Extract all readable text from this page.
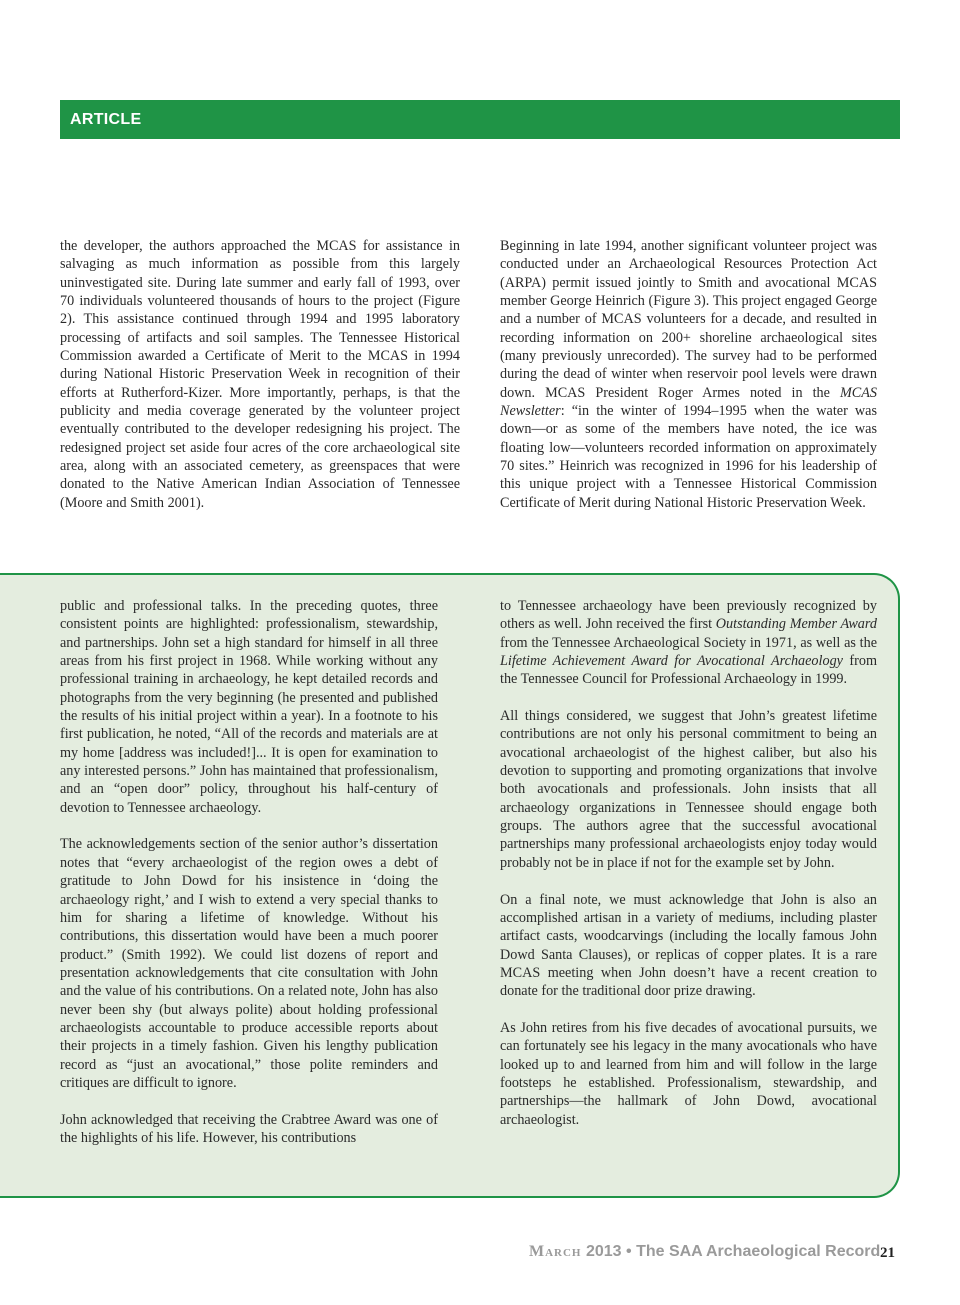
ARTICLE

the developer, the authors approached the MCAS for assistance in salvaging as much information as possible from this largely uninvestigated site. During late summer and early fall of 1993, over 70 individuals volunteered thousands of hours to the project (Figure 2). This assistance continued through 1994 and 1995 laboratory processing of artifacts and soil samples. The Tennessee Historical Commission awarded a Certificate of Merit to the MCAS in 1994 during National Historic Preservation Week in recognition of their efforts at Rutherford-Kizer. More importantly, perhaps, is that the publicity and media coverage generated by the volunteer project eventually contributed to the developer redesigning his project. The redesigned project set aside four acres of the core archaeological site area, along with an associated cemetery, as greenspaces that were donated to the Native American Indian Association of Tennessee (Moore and Smith 2001).

Beginning in late 1994, another significant volunteer project was conducted under an Archaeological Resources Protection Act (ARPA) permit issued jointly to Smith and avocational MCAS member George Heinrich (Figure 3). This project engaged George and a number of MCAS volunteers for a decade, and resulted in recording information on 200+ shoreline archaeological sites (many previously unrecorded). The survey had to be performed during the dead of winter when reservoir pool levels were drawn down. MCAS President Roger Armes noted in the MCAS Newsletter: “in the winter of 1994–1995 when the water was down—or as some of the members have noted, the ice was floating low—volunteers recorded information on approximately 70 sites.” Heinrich was recognized in 1996 for his leadership of this unique project with a Tennessee Historical Commission Certificate of Merit during National Historic Preservation Week.

public and professional talks. In the preceding quotes, three consistent points are highlighted: professionalism, stewardship, and partnerships. John set a high standard for himself in all three areas from his first project in 1968. While working without any professional training in archaeology, he kept detailed records and photographs from the very beginning (he presented and published the results of his initial project within a year). In a footnote to his first publication, he noted, “All of the records and materials are at my home [address was included!]... It is open for examination to any interested persons.” John has maintained that professionalism, and an “open door” policy, throughout his half-century of devotion to Tennessee archaeology.

The acknowledgements section of the senior author’s dissertation notes that “every archaeologist of the region owes a debt of gratitude to John Dowd for his insistence in ‘doing the archaeology right,’ and I wish to extend a very special thanks to him for sharing a lifetime of knowledge. Without his contributions, this dissertation would have been a much poorer product.” (Smith 1992). We could list dozens of report and presentation acknowledgements that cite consultation with John and the value of his contributions. On a related note, John has also never been shy (but always polite) about holding professional archaeologists accountable to produce accessible reports about their projects in a timely fashion. Given his lengthy publication record as “just an avocational,” those polite reminders and critiques are difficult to ignore.

John acknowledged that receiving the Crabtree Award was one of the highlights of his life. However, his contributions

to Tennessee archaeology have been previously recognized by others as well. John received the first Outstanding Member Award from the Tennessee Archaeological Society in 1971, as well as the Lifetime Achievement Award for Avocational Archaeology from the Tennessee Council for Professional Archaeology in 1999.

All things considered, we suggest that John’s greatest lifetime contributions are not only his personal commitment to being an avocational archaeologist of the highest caliber, but also his devotion to supporting and promoting organizations that involve both avocationals and professionals. John insists that all archaeology organizations in Tennessee should engage both groups. The authors agree that the successful avocational partnerships many professional archaeologists enjoy today would probably not be in place if not for the example set by John.

On a final note, we must acknowledge that John is also an accomplished artisan in a variety of mediums, including plaster artifact casts, woodcarvings (including the locally famous John Dowd Santa Clauses), or replicas of copper plates. It is a rare MCAS meeting when John doesn’t have a recent creation to donate for the traditional door prize drawing.

As John retires from his five decades of avocational pursuits, we can fortunately see his legacy in the many avocationals who have looked up to and learned from him and will follow in the large footsteps he established. Professionalism, stewardship, and partnerships—the hallmark of John Dowd, avocational archaeologist.

March 2013 • The SAA Archaeological Record 21
